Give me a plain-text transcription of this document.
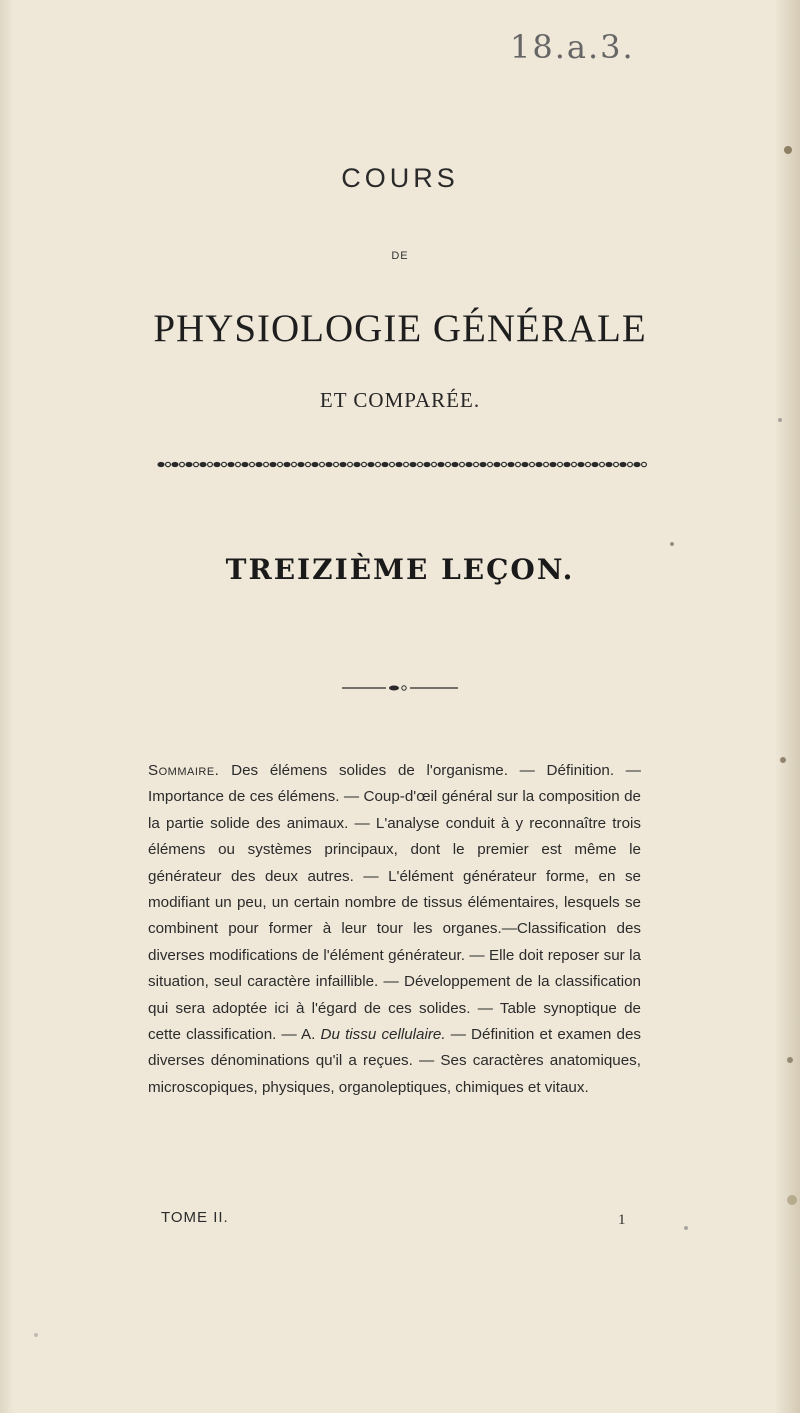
18.a.3.
COURS
DE
PHYSIOLOGIE GÉNÉRALE
ET COMPARÉE.
TREIZIÈME LEÇON.
Sommaire. Des élémens solides de l'organisme. — Définition. — Importance de ces élémens. — Coup-d'œil général sur la composition de la partie solide des animaux. — L'analyse conduit à y reconnaître trois élémens ou systèmes principaux, dont le premier est même le générateur des deux autres. — L'élément générateur forme, en se modifiant un peu, un certain nombre de tissus élémentaires, lesquels se combinent pour former à leur tour les organes.—Classification des diverses modifications de l'élément générateur. — Elle doit reposer sur la situation, seul caractère infaillible. — Développement de la classification qui sera adoptée ici à l'égard de ces solides. — Table synoptique de cette classification. — A. Du tissu cellulaire. — Définition et examen des diverses dénominations qu'il a reçues. — Ses caractères anatomiques, microscopiques, physiques, organoleptiques, chimiques et vitaux.
TOME II.	1
